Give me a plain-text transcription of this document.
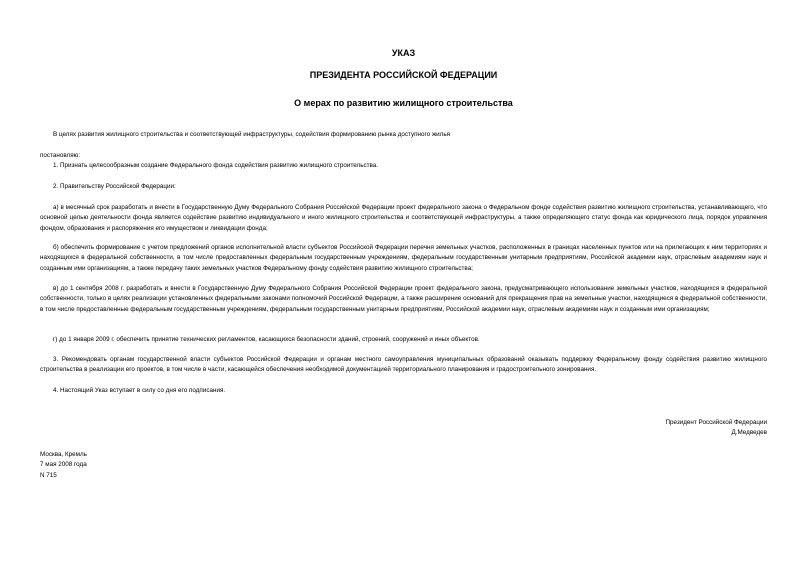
УКАЗ
ПРЕЗИДЕНТА РОССИЙСКОЙ ФЕДЕРАЦИИ
О мерах по развитию жилищного строительства

В целях развития жилищного строительства и соответствующей инфраструктуры, содействия формированию рынка доступного жилья

постановляю:

1. Признать целесообразным создание Федерального фонда содействия развитию жилищного строительства.

2. Правительству Российской Федерации:

а) в месячный срок разработать и внести в Государственную Думу Федерального Собрания Российской Федерации проект федерального закона о Федеральном фонде содействия развитию жилищного строительства, устанавливающего, что основной целью деятельности фонда является содействие развитию индивидуального и иного жилищного строительства и соответствующей инфраструктуры, а также определяющего статус фонда как юридического лица, порядок управления фондом, образования и распоряжения его имуществом и ликвидации фонда;

б) обеспечить формирование с учетом предложений органов исполнительной власти субъектов Российской Федерации перечня земельных участков, расположенных в границах населенных пунктов или на прилегающих к ним территориях и находящихся в федеральной собственности, в том числе предоставленных федеральным государственным учреждениям, федеральным государственным унитарным предприятиям, Российской академии наук, отраслевым академиям наук и созданным ими организациям, а также передачу таких земельных участков Федеральному фонду содействия развитию жилищного строительства;

в) до 1 сентября 2008 г. разработать и внести в Государственную Думу Федерального Собрания Российской Федерации проект федерального закона, предусматривающего использование земельных участков, находящихся в федеральной собственности, только в целях реализации установленных федеральными законами полномочий Российской Федерации, а также расширение оснований для прекращения прав на земельные участки, находящиеся в федеральной собственности, в том числе предоставленные федеральным государственным учреждениям, федеральным государственным унитарным предприятиям, Российской академии наук, отраслевым академиям наук и созданным ими организациям;

г) до 1 января 2009 г. обеспечить принятие технических регламентов, касающихся безопасности зданий, строений, сооружений и иных объектов.

3. Рекомендовать органам государственной власти субъектов Российской Федерации и органам местного самоуправления муниципальных образований оказывать поддержку Федеральному фонду содействия развитию жилищного строительства в реализации его проектов, в том числе в части, касающейся обеспечения необходимой документацией территориального планирования и градостроительного зонирования.

4. Настоящий Указ вступает в силу со дня его подписания.

Президент Российской Федерации
Д.Медведев
Москва, Кремль
7 мая 2008 года
N 715
